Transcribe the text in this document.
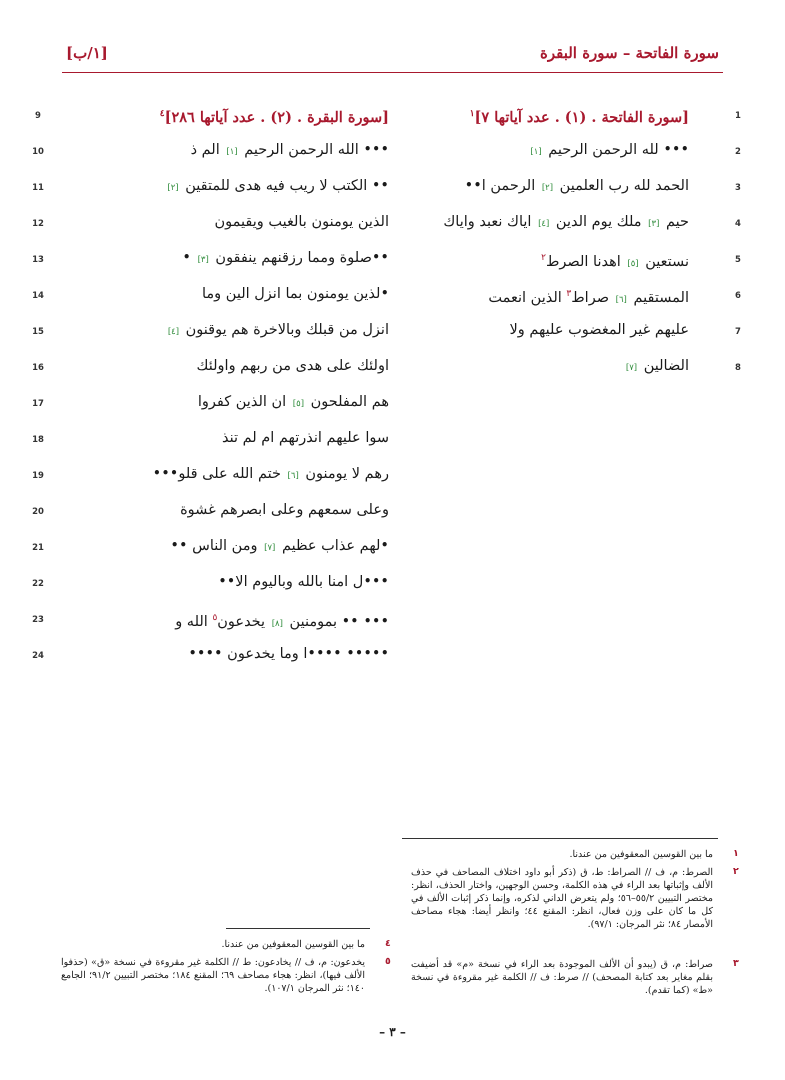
سورة الفاتحة – سورة البقرة
[١/ب]
1
[سورة الفاتحة . (١) . عدد آياتها ٧]$^١$
2
••• لله الرحمن الرحيم [١]
3
الحمد لله رب العلمين [٢] الرحمن ا••
4
حيم [٣] ملك يوم الدين [٤] اياك نعبد واياك
5
نستعين [٥] اهدنا الصرط$^٢$
6
المستقيم [٦] صراط$^٣$ الذين انعمت
7
عليهم غير المغضوب عليهم ولا
8
الضالين [٧]
9	[سورة البقرة . (٢) . عدد آياتها ٢٨٦]$^٤$
10	••• الله الرحمن الرحيم [١] الم ذ
11	•• الكتب لا ريب فيه هدى للمتقين [٢]
12	الذين يومنون بالغيب ويقيمون
13	••صلوة ومما رزقنهم ينفقون [٣] •
14	•لذين يومنون بما انزل الين وما
15	انزل من قبلك وبالاخرة هم يوقنون [٤]
16	اولئك على هدى من ربهم واولئك
17	هم المفلحون [٥] ان الذين كفروا
18	سوا عليهم انذرتهم ام لم تنذ
19	رهم لا يومنون [٦] ختم الله على قلو•••
20	وعلى سمعهم وعلى ابصرهم غشوة
21	•لهم عذاب عظيم [٧] ومن الناس ••
22	•••ل امنا بالله وباليوم الا••
23	••• •• بمومنين [٨] يخدعون$^٥$ الله و
24	••••• ••••ا وما يخدعون ••••
١
ما بين القوسين المعقوفين من عندنا.
٢
الصرط: م، ف // الصراط: ط، ق (ذكر أبو داود اختلاف المصاحف في حذف الألف وإثباتها بعد الراء في هذه الكلمة، وحسن الوجهين، واختار الحذف، انظر: مختصر التبيين ٥٥/٢–٥٦؛ ولم يتعرض الداني لذكره، وإنما ذكر إثبات الألف في كل ما كان على وزن فعال، انظر: المقنع ٤٤؛ وانظر أيضا: هجاء مصاحف الأمصار ٨٤؛ نثر المرجان: ٩٧/١).
٣
صراط: م، ق (يبدو أن الألف الموجودة بعد الراء في نسخة «م» قد أضيفت بقلم مغاير بعد كتابة المصحف) // صرط: ف // الكلمة غير مقروءة في نسخة «ط» (كما تقدم).
٤
ما بين القوسين المعقوفين من عندنا.
٥
يخدعون: م، ف // يخادعون: ط // الكلمة غير مقروءة في نسخة «ق» (حذفوا الألف فيها)، انظر: هجاء مصاحف ٦٩؛ المقنع ١٨٤؛ مختصر التبيين ٩١/٢؛ الجامع ١٤٠؛ نثر المرجان ١٠٧/١).
– ٣ –
